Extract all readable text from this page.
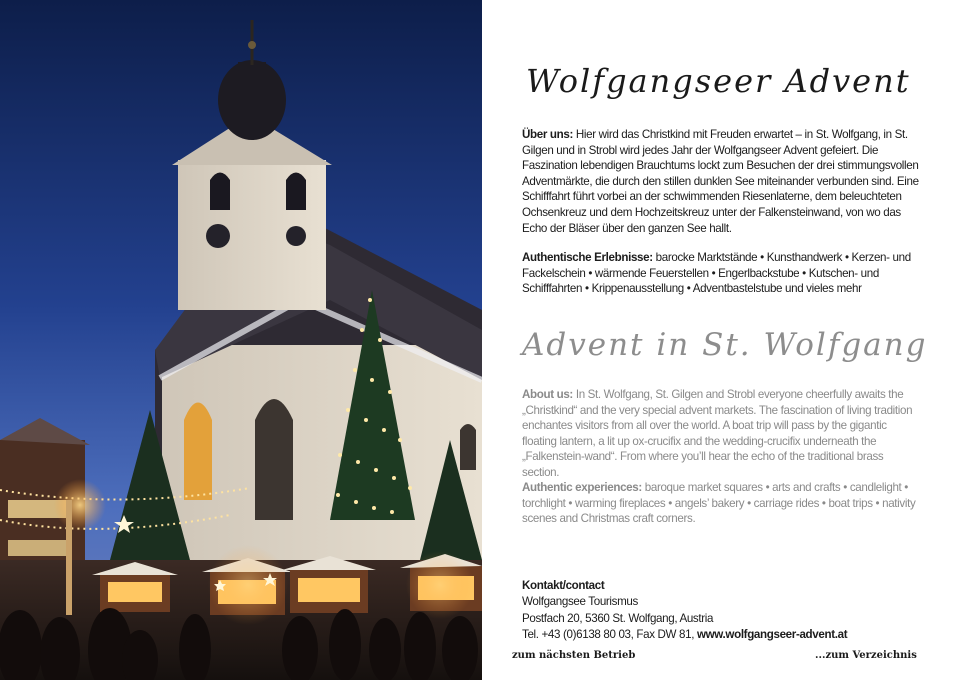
Wolfgangseer Advent

Über uns: Hier wird das Christkind mit Freuden erwartet – in St. Wolfgang, in St. Gilgen und in Strobl wird jedes Jahr der Wolfgangseer Advent gefeiert. Die Faszination lebendigen Brauchtums lockt zum Besuchen der drei stimmungsvollen Adventmärkte, die durch den stillen dunklen See miteinander verbunden sind. Eine Schifffahrt führt vorbei an der schwimmenden Riesenlaterne, dem beleuchteten Ochsenkreuz und dem Hochzeitskreuz unter der Falkensteinwand, von wo das Echo der Bläser über den ganzen See hallt.

Authentische Erlebnisse: barocke Marktstände • Kunsthandwerk • Kerzen- und Fackelschein • wärmende Feuerstellen • Engerlbackstube • Kutschen- und Schifffahrten • Krippenausstellung • Adventbastelstube und vieles mehr

Advent in St. Wolfgang

About us: In St. Wolfgang, St. Gilgen and Strobl everyone cheerfully awaits the „Christkind“ and the very special advent markets. The fascination of living tradition enchantes visitors from all over the world. A boat trip will pass by the gigantic floating lantern, a lit up ox-crucifix and the wedding-crucifix underneath the „Falkenstein-wand“. From where you’ll hear the echo of the traditional brass section.

Authentic experiences: baroque market squares • arts and crafts • candlelight • torchlight • warming fireplaces • angels’ bakery • carriage rides • boat trips • nativity scenes and Christmas craft corners.

Kontakt/contact
Wolfgangsee Tourismus
Postfach 20, 5360 St. Wolfgang, Austria
Tel. +43 (0)6138 80 03, Fax DW 81, www.wolfgangseer-advent.at
zum nächsten Betrieb	...zum Verzeichnis
